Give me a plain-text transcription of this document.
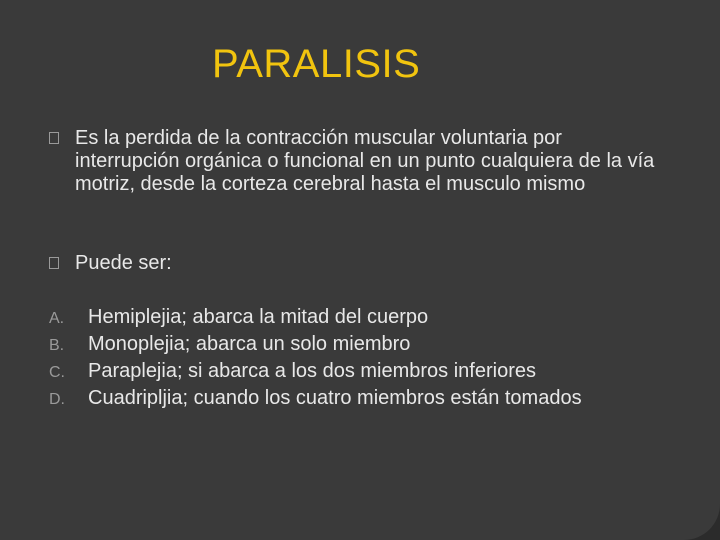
PARALISIS

Es la perdida de la contracción muscular voluntaria por interrupción orgánica o funcional en un punto cualquiera de la vía motriz, desde la corteza cerebral hasta el musculo mismo

Puede ser:

A. Hemiplejia; abarca la mitad del cuerpo
B. Monoplejia; abarca un solo miembro
C. Paraplejia; si abarca a los dos miembros inferiores
D. Cuadripljia; cuando los cuatro miembros están tomados
